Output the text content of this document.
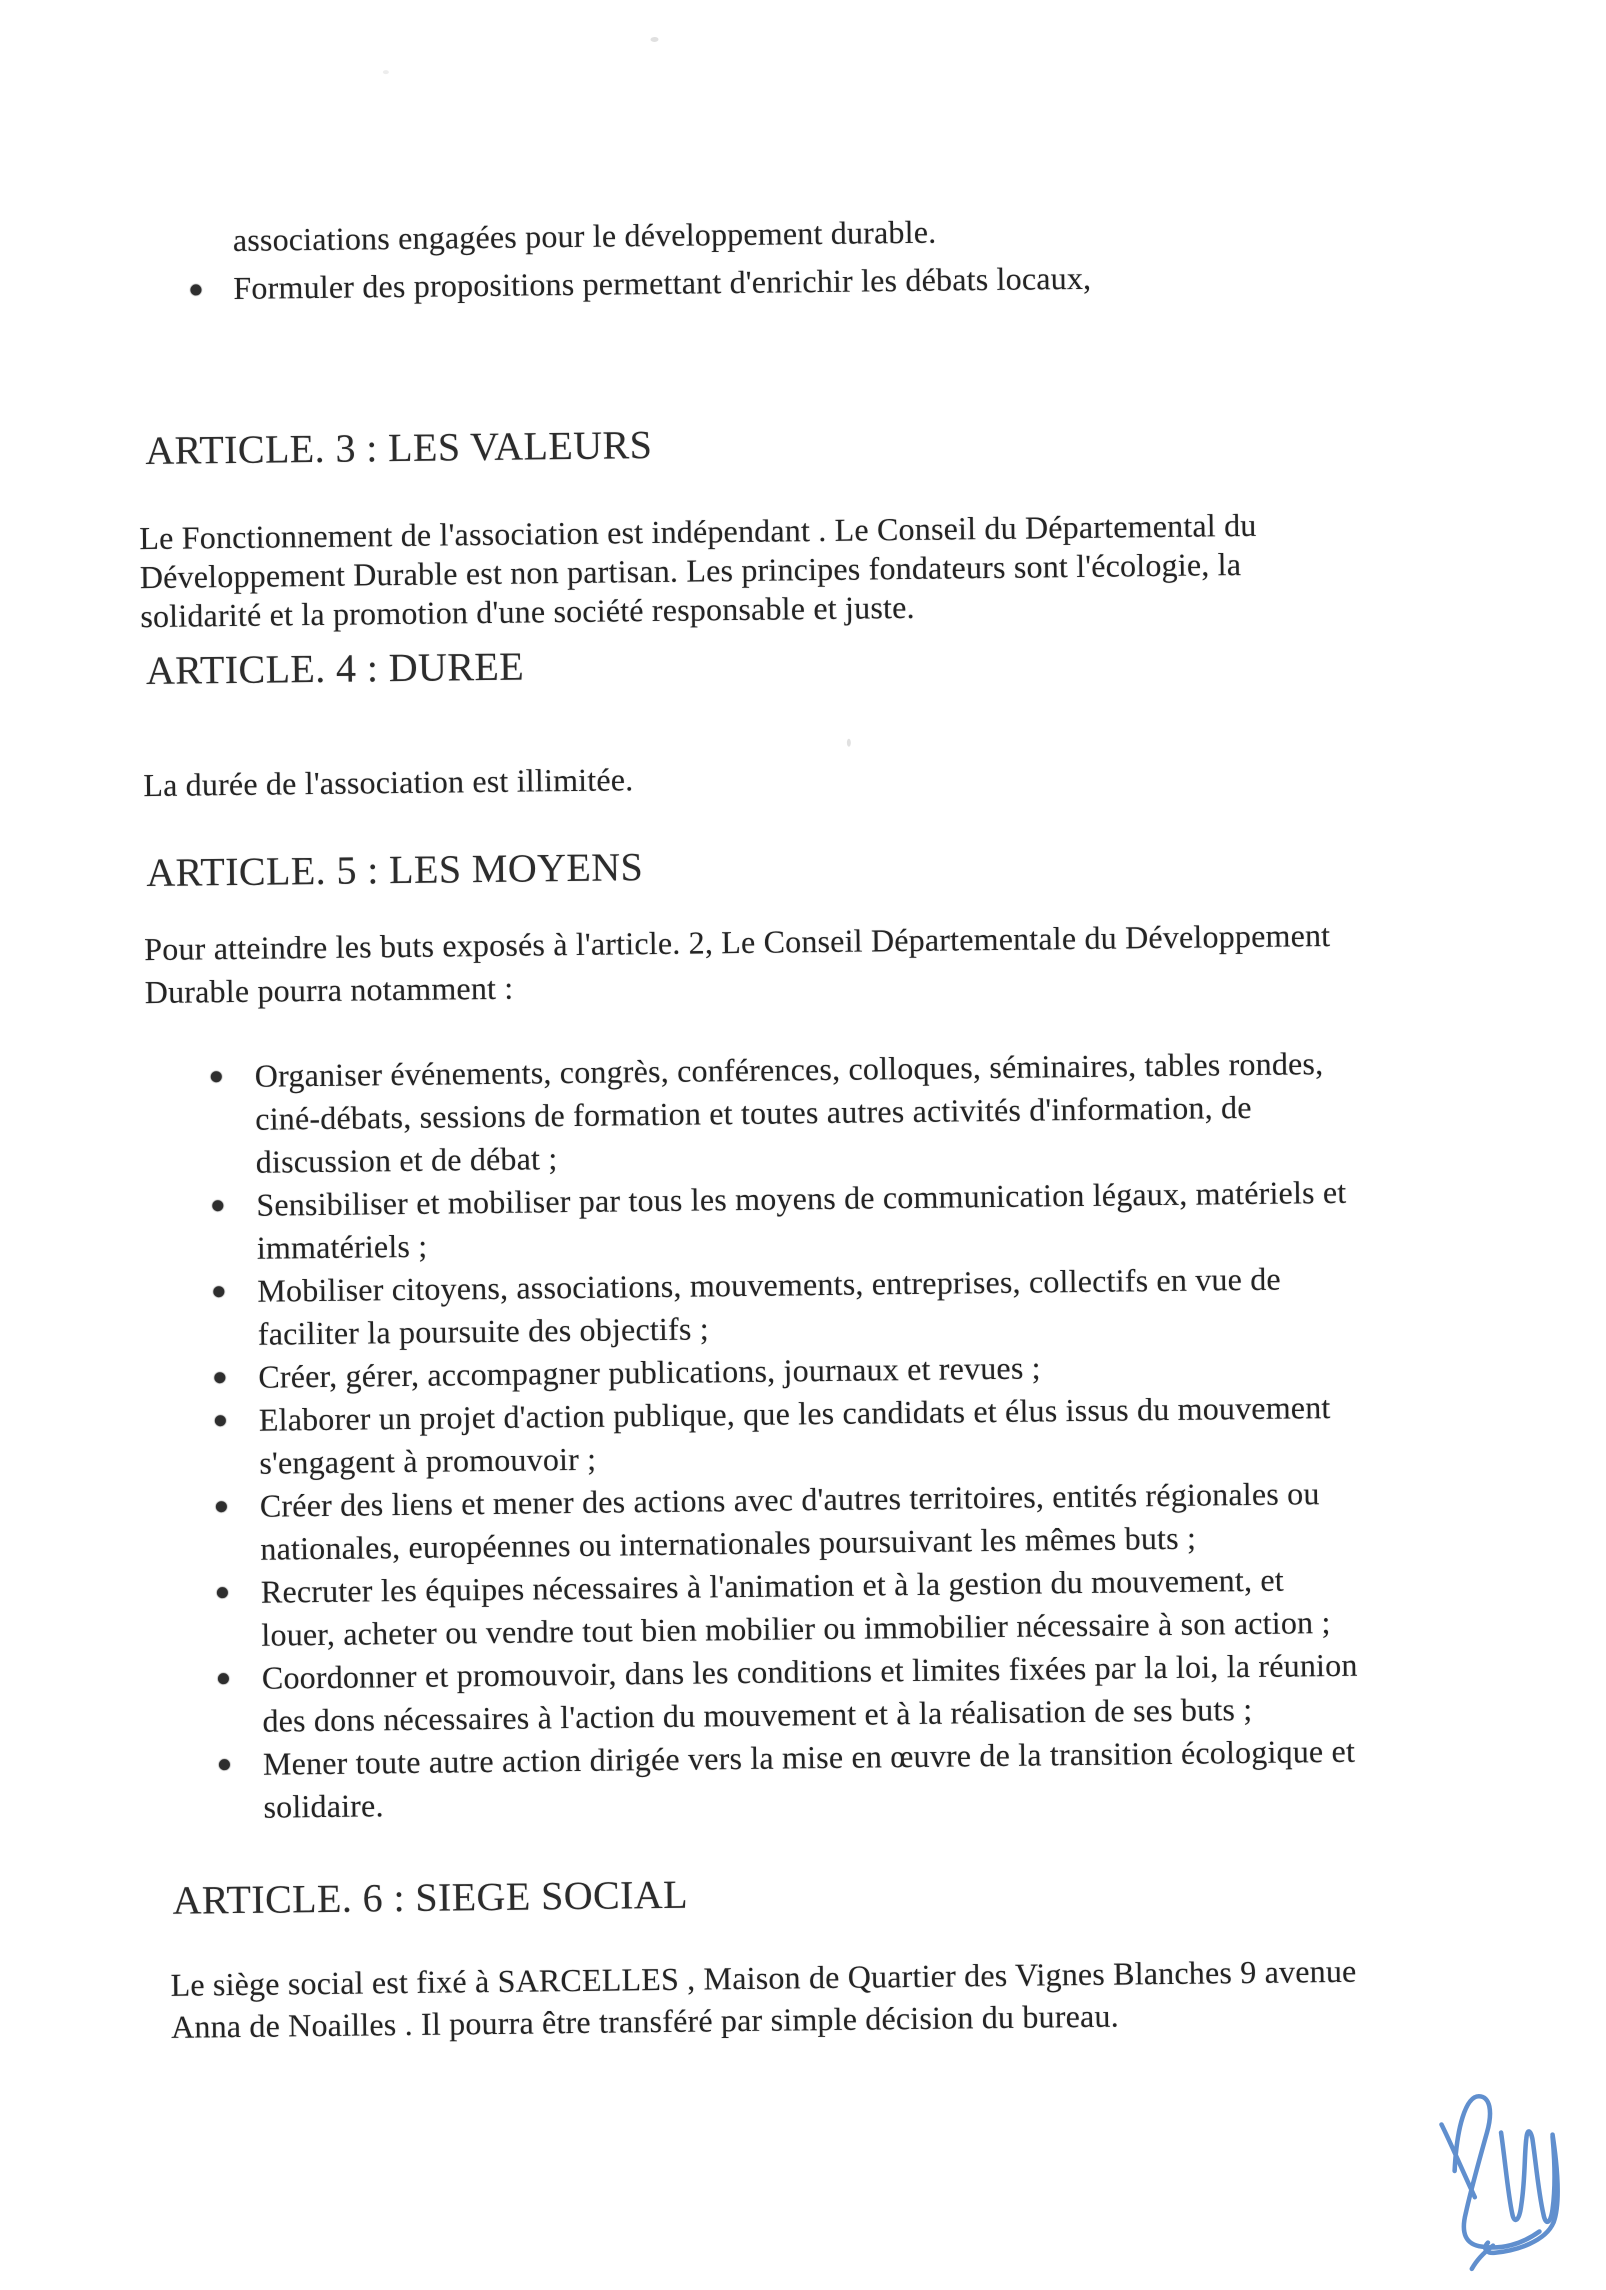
associations engagées pour le développement durable.
Formuler des propositions permettant d'enrichir les débats locaux,
ARTICLE. 3 : LES VALEURS
Le Fonctionnement de l'association est indépendant . Le Conseil du Départemental du
Développement Durable est non partisan. Les principes fondateurs sont l'écologie, la
solidarité et la promotion d'une société responsable et juste.
ARTICLE. 4 : DUREE
La durée de l'association est illimitée.
ARTICLE. 5 : LES MOYENS
Pour atteindre les buts exposés à l'article. 2, Le Conseil Départementale du Développement
Durable pourra notamment :
Organiser événements, congrès, conférences, colloques, séminaires, tables rondes,
ciné-débats, sessions de formation et toutes autres activités d'information, de
discussion et de débat ;
Sensibiliser et mobiliser par tous les moyens de communication légaux, matériels et
immatériels ;
Mobiliser citoyens, associations, mouvements, entreprises, collectifs en vue de
faciliter la poursuite des objectifs ;
Créer, gérer, accompagner publications, journaux et revues ;
Elaborer un projet d'action publique, que les candidats et élus issus du mouvement
s'engagent à promouvoir ;
Créer des liens et mener des actions avec d'autres territoires, entités régionales ou
nationales, européennes ou internationales poursuivant les mêmes buts ;
Recruter les équipes nécessaires à l'animation et à la gestion du mouvement, et
louer, acheter ou vendre tout bien mobilier ou immobilier nécessaire à son action ;
Coordonner et promouvoir, dans les conditions et limites fixées par la loi, la réunion
des dons nécessaires à l'action du mouvement et à la réalisation de ses buts ;
Mener toute autre action dirigée vers la mise en œuvre de la transition écologique et
solidaire.
ARTICLE. 6 : SIEGE SOCIAL
Le siège social est fixé à SARCELLES , Maison de Quartier des Vignes Blanches 9 avenue
Anna de Noailles . Il pourra être transféré par simple décision du bureau.
